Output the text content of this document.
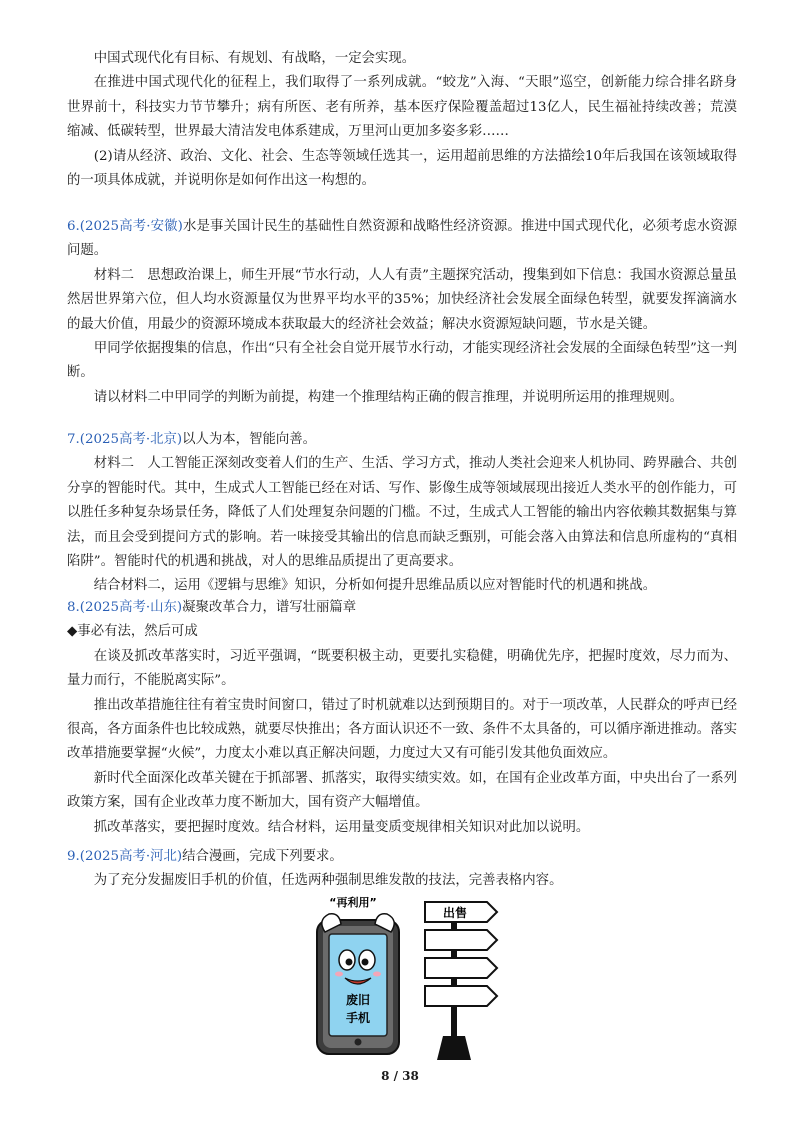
中国式现代化有目标、有规划、有战略，一定会实现。

在推进中国式现代化的征程上，我们取得了一系列成就。“蛟龙”入海、“天眼”巡空，创新能力综合排名跻身世界前十，科技实力节节攀升；病有所医、老有所养，基本医疗保险覆盖超过13亿人，民生福祉持续改善；荒漠缩减、低碳转型，世界最大清洁发电体系建成，万里河山更加多姿多彩……

(2)请从经济、政治、文化、社会、生态等领域任选其一，运用超前思维的方法描绘10年后我国在该领域取得的一项具体成就，并说明你是如何作出这一构想的。

6.(2025高考·安徽)水是事关国计民生的基础性自然资源和战略性经济资源。推进中国式现代化，必须考虑水资源问题。

材料二　思想政治课上，师生开展“节水行动，人人有责”主题探究活动，搜集到如下信息：我国水资源总量虽然居世界第六位，但人均水资源量仅为世界平均水平的35%；加快经济社会发展全面绿色转型，就要发挥滴滴水的最大价值，用最少的资源环境成本获取最大的经济社会效益；解决水资源短缺问题，节水是关键。

甲同学依据搜集的信息，作出“只有全社会自觉开展节水行动，才能实现经济社会发展的全面绿色转型”这一判断。

请以材料二中甲同学的判断为前提，构建一个推理结构正确的假言推理，并说明所运用的推理规则。

7.(2025高考·北京)以人为本，智能向善。

材料二　人工智能正深刻改变着人们的生产、生活、学习方式，推动人类社会迎来人机协同、跨界融合、共创分享的智能时代。其中，生成式人工智能已经在对话、写作、影像生成等领域展现出接近人类水平的创作能力，可以胜任多种复杂场景任务，降低了人们处理复杂问题的门槛。不过，生成式人工智能的输出内容依赖其数据集与算法，而且会受到提问方式的影响。若一味接受其输出的信息而缺乏甄别，可能会落入由算法和信息所虚构的“真相陷阱”。智能时代的机遇和挑战，对人的思维品质提出了更高要求。

结合材料二，运用《逻辑与思维》知识，分析如何提升思维品质以应对智能时代的机遇和挑战。

8.(2025高考·山东)凝聚改革合力，谱写壮丽篇章

◆事必有法，然后可成

在谈及抓改革落实时，习近平强调，“既要积极主动，更要扎实稳健，明确优先序，把握时度效，尽力而为、量力而行，不能脱离实际”。

推出改革措施往往有着宝贵时间窗口，错过了时机就难以达到预期目的。对于一项改革，人民群众的呼声已经很高，各方面条件也比较成熟，就要尽快推出；各方面认识还不一致、条件不太具备的，可以循序渐进推动。落实改革措施要掌握“火候”，力度太小难以真正解决问题，力度过大又有可能引发其他负面效应。

新时代全面深化改革关键在于抓部署、抓落实，取得实绩实效。如，在国有企业改革方面，中央出台了一系列政策方案，国有企业改革力度不断加大，国有资产大幅增值。

抓改革落实，要把握时度效。结合材料，运用量变质变规律相关知识对此加以说明。

9.(2025高考·河北)结合漫画，完成下列要求。

为了充分发掘废旧手机的价值，任选两种强制思维发散的技法，完善表格内容。

“再利用”
废旧
手机
出售
8 / 38
